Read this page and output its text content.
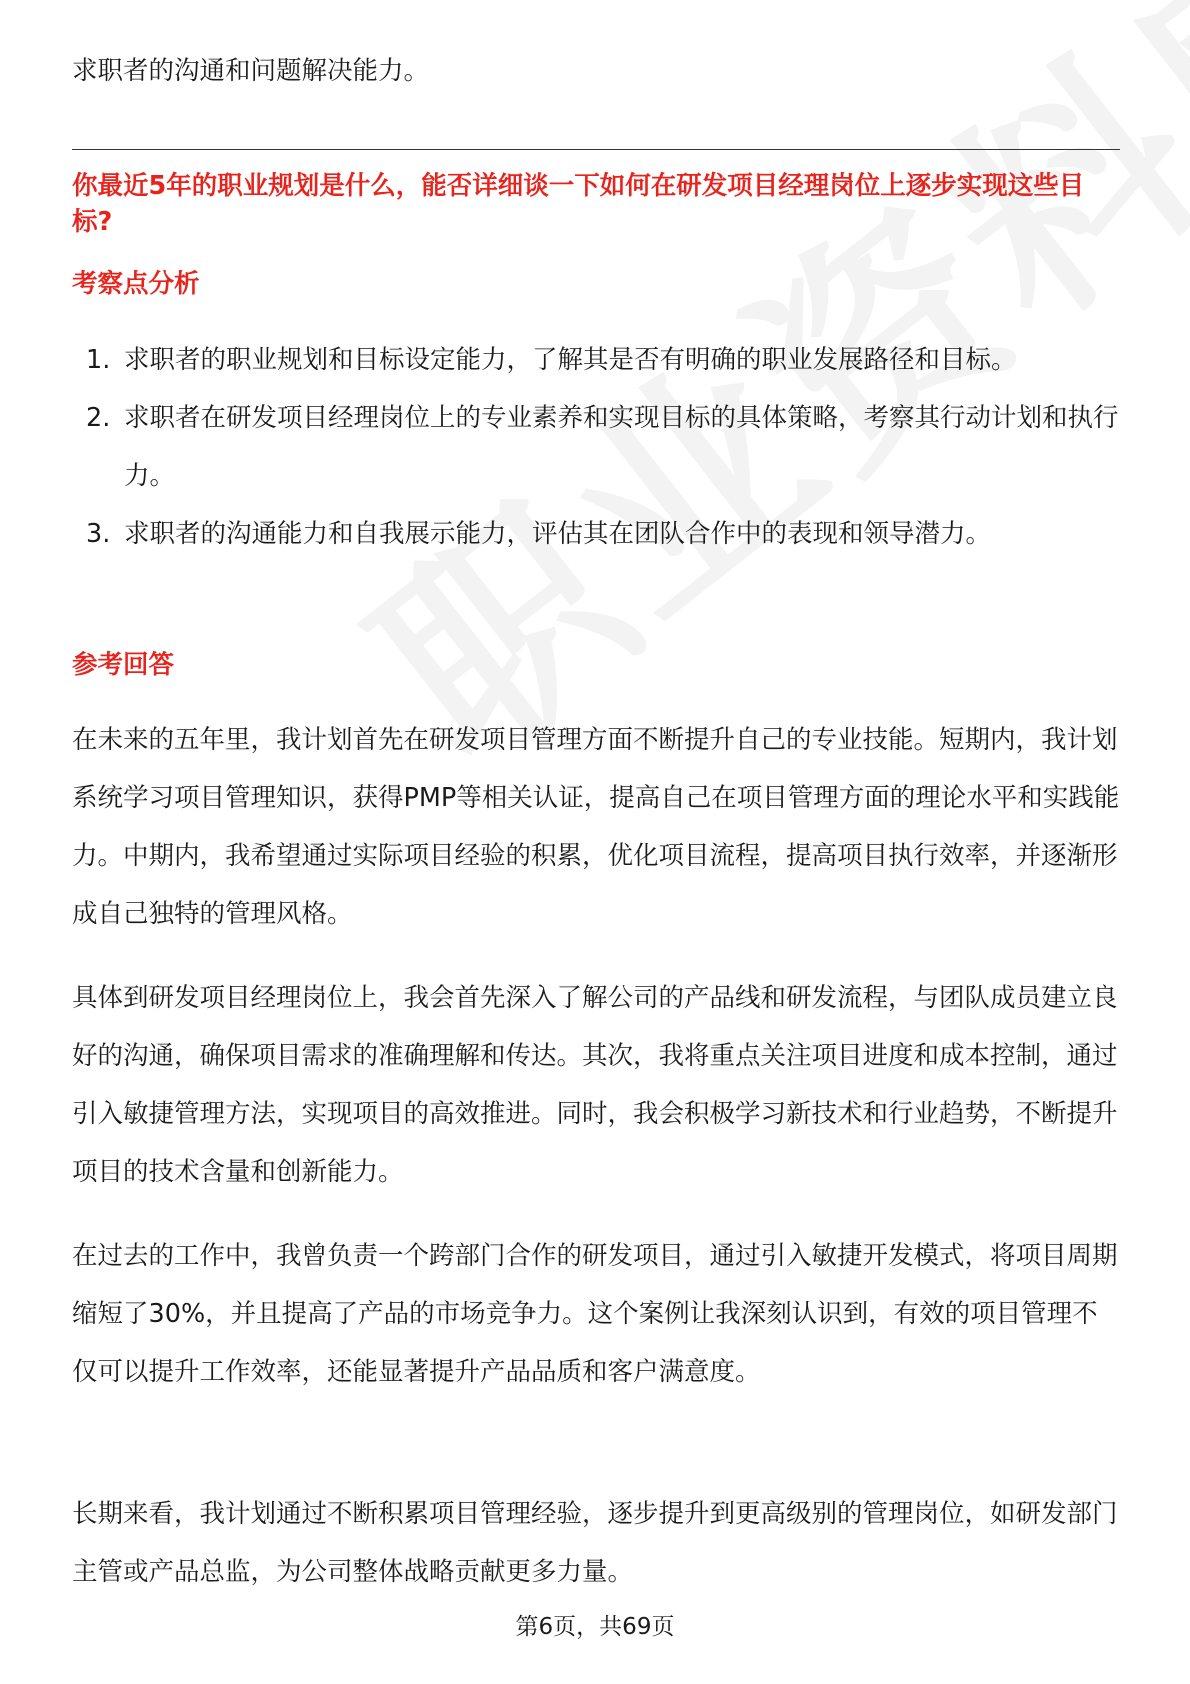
求职者的沟通和问题解决能力。

你最近5年的职业规划是什么，能否详细谈一下如何在研发项目经理岗位上逐步实现这些目标?

考察点分析

1. 求职者的职业规划和目标设定能力，了解其是否有明确的职业发展路径和目标。
2. 求职者在研发项目经理岗位上的专业素养和实现目标的具体策略，考察其行动计划和执行力。
3. 求职者的沟通能力和自我展示能力，评估其在团队合作中的表现和领导潜力。

参考回答

在未来的五年里，我计划首先在研发项目管理方面不断提升自己的专业技能。短期内，我计划系统学习项目管理知识，获得PMP等相关认证，提高自己在项目管理方面的理论水平和实践能力。中期内，我希望通过实际项目经验的积累，优化项目流程，提高项目执行效率，并逐渐形成自己独特的管理风格。

具体到研发项目经理岗位上，我会首先深入了解公司的产品线和研发流程，与团队成员建立良好的沟通，确保项目需求的准确理解和传达。其次，我将重点关注项目进度和成本控制，通过引入敏捷管理方法，实现项目的高效推进。同时，我会积极学习新技术和行业趋势，不断提升项目的技术含量和创新能力。

在过去的工作中，我曾负责一个跨部门合作的研发项目，通过引入敏捷开发模式，将项目周期缩短了30%，并且提高了产品的市场竞争力。这个案例让我深刻认识到，有效的项目管理不仅可以提升工作效率，还能显著提升产品品质和客户满意度。

长期来看，我计划通过不断积累项目管理经验，逐步提升到更高级别的管理岗位，如研发部门主管或产品总监，为公司整体战略贡献更多力量。

第6页，共69页
